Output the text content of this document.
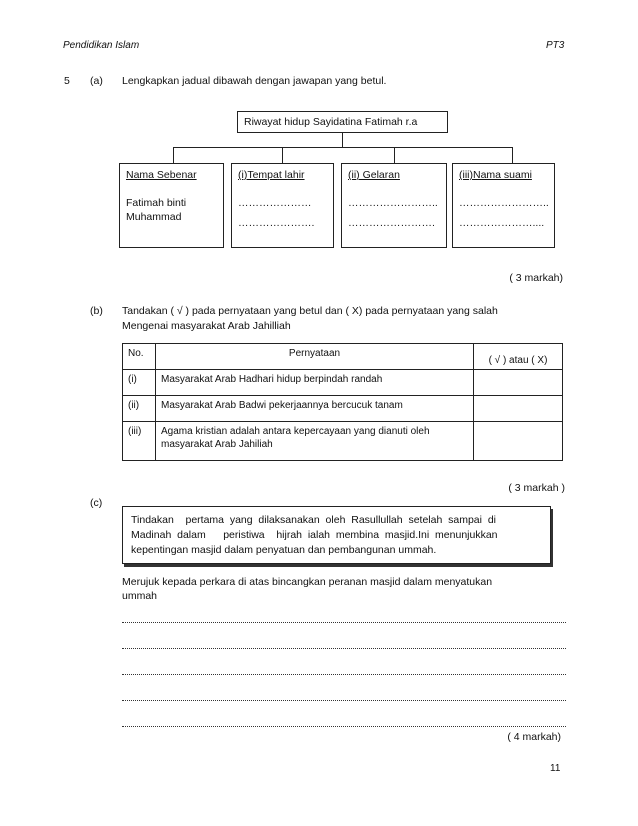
Pendidikan Islam	PT3
5 (a) Lengkapkan jadual dibawah dengan jawapan yang betul.
Riwayat hidup Sayidatina Fatimah r.a
Nama Sebenar
Fatimah binti
Muhammad
(i)Tempat lahir
…………………
………………….
(ii) Gelaran
……………………..
…………………….
(iii)Nama suami
……………………..
…………………....
( 3 markah)
(b) Tandakan ( √ ) pada pernyataan yang betul dan ( X) pada pernyataan yang salah
Mengenai masyarakat Arab Jahilliah
No.	Pernyataan	( √ ) atau ( X)
(i)	Masyarakat Arab Hadhari hidup berpindah randah	
(ii)	Masyarakat Arab Badwi pekerjaannya bercucuk tanam	
(iii)	Agama kristian adalah antara kepercayaan yang dianuti oleh
masyarakat Arab Jahiliah	

( 3 markah )
(c)
Tindakan    pertama  yang  dilaksanakan  oleh  Rasullullah  setelah  sampai  di
Madinah  dalam      peristiwa    hijrah  ialah  membina  masjid.Ini  menunjukkan
kepentingan masjid dalam penyatuan dan pembangunan ummah.
Merujuk kepada perkara di atas bincangkan peranan masjid dalam menyatukan
ummah
( 4 markah)
11
